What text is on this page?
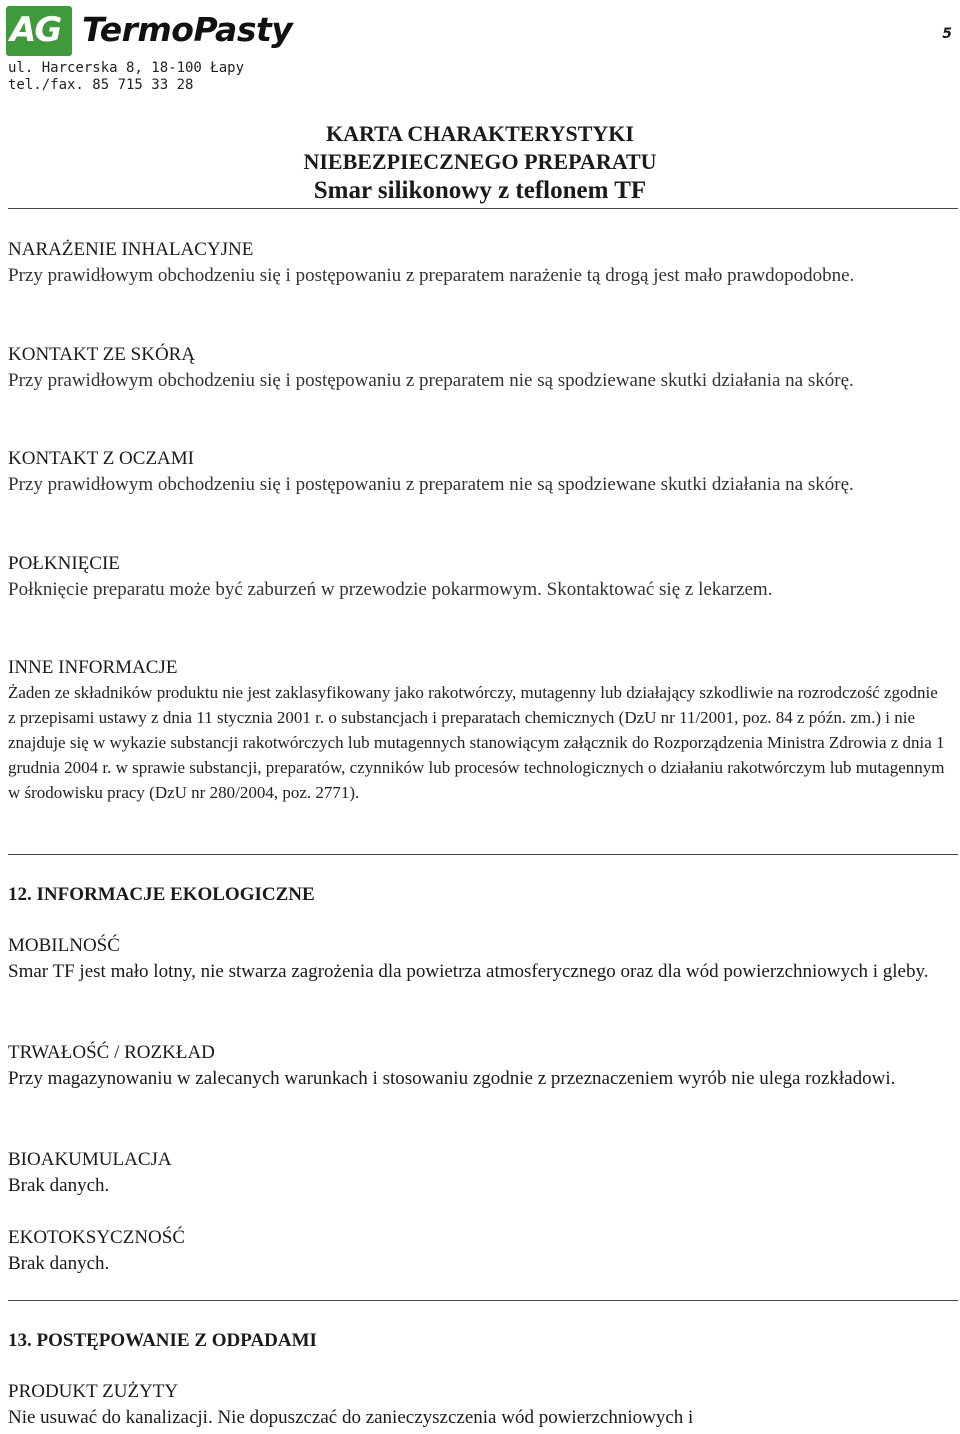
AG TermoPasty
ul. Harcerska 8, 18-100 Łapy
tel./fax. 85 715 33 28
5
KARTA CHARAKTERYSTYKI
NIEBEZPIECZNEGO PREPARATU
Smar silikonowy z teflonem TF
NARAŻENIE INHALACYJNE
Przy prawidłowym obchodzeniu się i postępowaniu z preparatem narażenie tą drogą jest mało prawdopodobne.
KONTAKT ZE SKÓRĄ
Przy prawidłowym obchodzeniu się i postępowaniu z preparatem nie są spodziewane skutki działania na skórę.
KONTAKT Z OCZAMI
Przy prawidłowym obchodzeniu się i postępowaniu z preparatem nie są spodziewane skutki działania na skórę.
POŁKNIĘCIE
Połknięcie preparatu może być zaburzeń w przewodzie pokarmowym. Skontaktować się z lekarzem.
INNE INFORMACJE
Żaden ze składników produktu nie jest zaklasyfikowany jako rakotwórczy, mutagenny lub działający szkodliwie na rozrodczość zgodnie z przepisami ustawy z dnia 11 stycznia 2001 r. o substancjach i preparatach chemicznych (DzU nr 11/2001, poz. 84 z późn. zm.) i nie znajduje się w wykazie substancji rakotwórczych lub mutagennych stanowiącym załącznik do Rozporządzenia Ministra Zdrowia z dnia 1 grudnia 2004 r. w sprawie substancji, preparatów, czynników lub procesów technologicznych o działaniu rakotwórczym lub mutagennym w środowisku pracy (DzU nr 280/2004, poz. 2771).
12. INFORMACJE EKOLOGICZNE
MOBILNOŚĆ
Smar TF jest mało lotny, nie stwarza zagrożenia dla powietrza atmosferycznego oraz dla wód powierzchniowych i gleby.
TRWAŁOŚĆ / ROZKŁAD
Przy magazynowaniu w zalecanych warunkach i stosowaniu zgodnie z przeznaczeniem wyrób nie ulega rozkładowi.
BIOAKUMULACJA
Brak danych.
EKOTOKSYCZNOŚĆ
Brak danych.
13. POSTĘPOWANIE Z ODPADAMI
PRODUKT ZUŻYTY
Nie usuwać do kanalizacji. Nie dopuszczać do zanieczyszczenia wód powierzchniowych i
